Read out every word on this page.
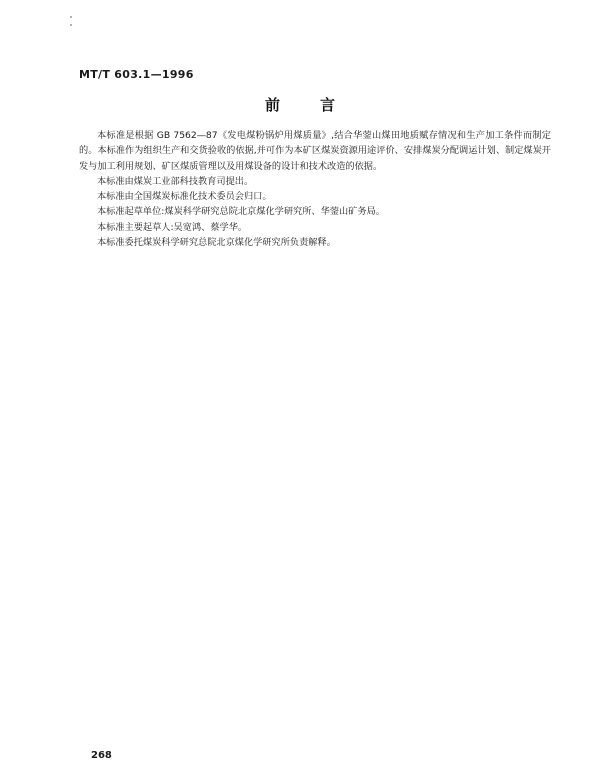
MT/T 603.1—1996
前言

本标准是根据 GB 7562—87《发电煤粉锅炉用煤质量》,结合华蓥山煤田地质赋存情况和生产加工条件而制定的。本标准作为组织生产和交货验收的依据,并可作为本矿区煤炭资源用途评价、安排煤炭分配调运计划、制定煤炭开发与加工利用规划、矿区煤质管理以及用煤设备的设计和技术改造的依据。

本标准由煤炭工业部科技教育司提出。

本标准由全国煤炭标准化技术委员会归口。

本标准起草单位:煤炭科学研究总院北京煤化学研究所、华蓥山矿务局。

本标准主要起草人:吴宽鸿、蔡学华。

本标准委托煤炭科学研究总院北京煤化学研究所负责解释。

268
